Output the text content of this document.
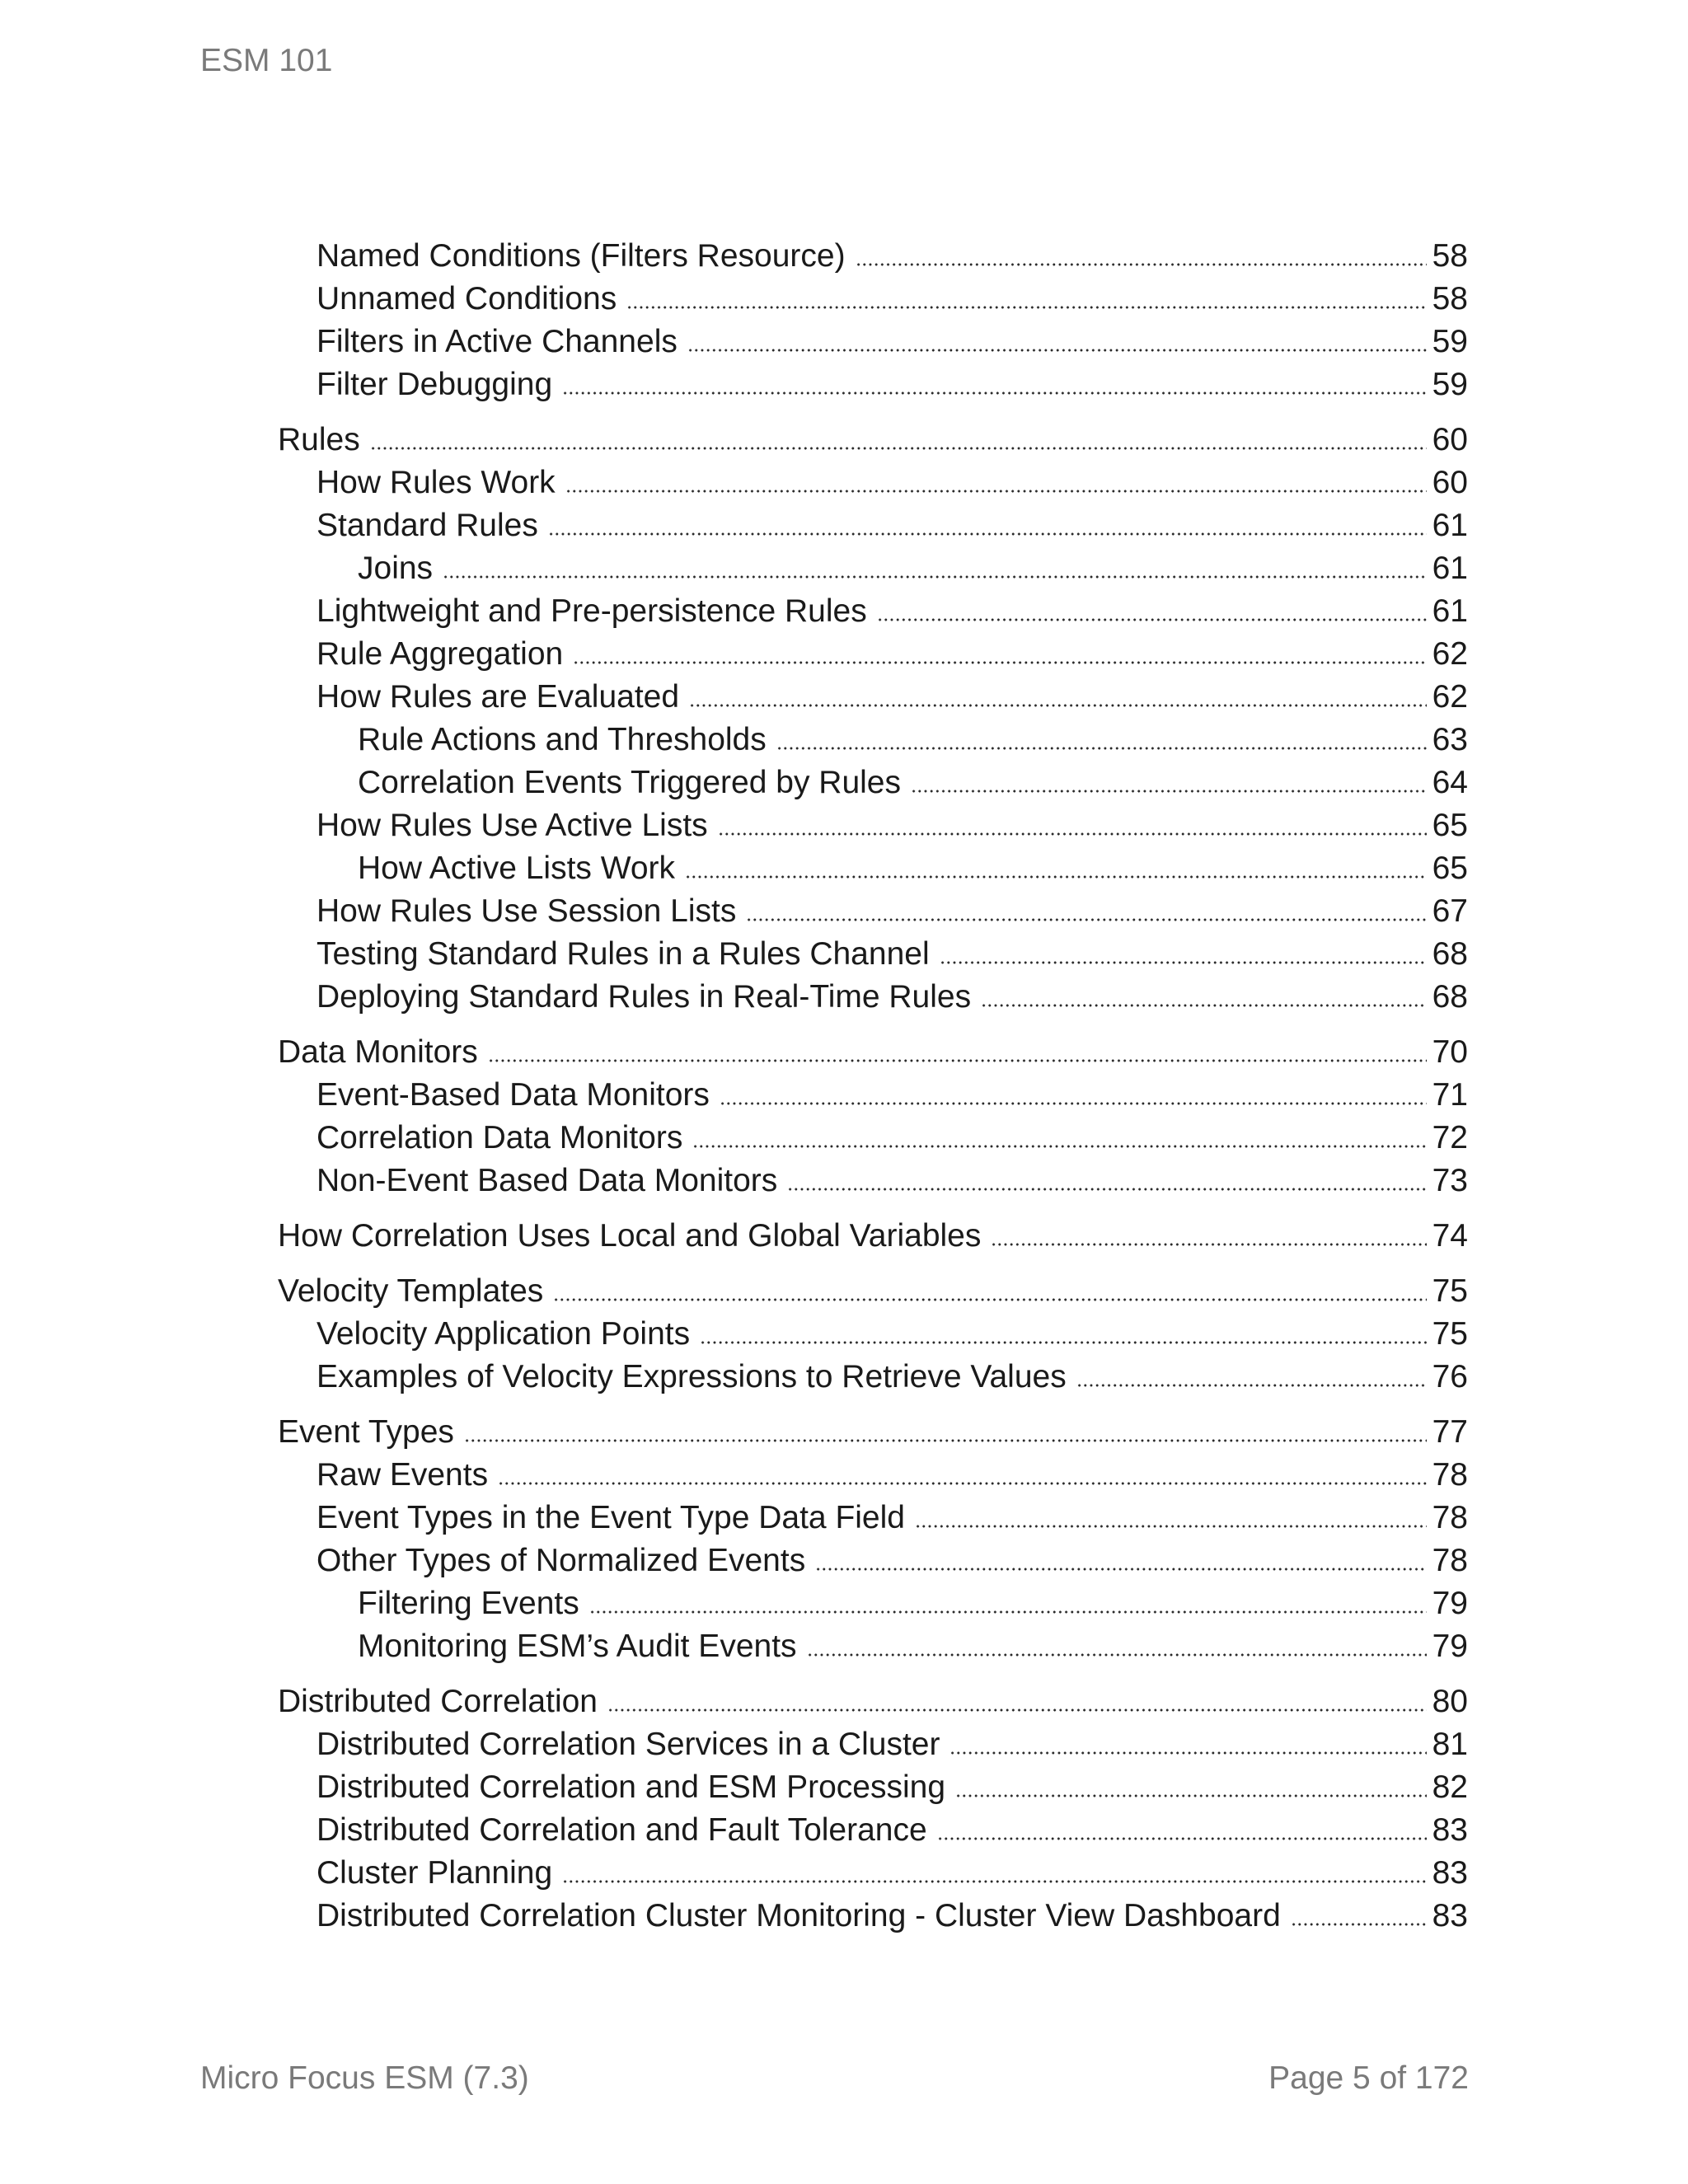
ESM 101
Named Conditions (Filters Resource)	58
Unnamed Conditions	58
Filters in Active Channels	59
Filter Debugging	59
Rules	60
How Rules Work	60
Standard Rules	61
Joins	61
Lightweight and Pre-persistence Rules	61
Rule Aggregation	62
How Rules are Evaluated	62
Rule Actions and Thresholds	63
Correlation Events Triggered by Rules	64
How Rules Use Active Lists	65
How Active Lists Work	65
How Rules Use Session Lists	67
Testing Standard Rules in a Rules Channel	68
Deploying Standard Rules in Real-Time Rules	68
Data Monitors	70
Event-Based Data Monitors	71
Correlation Data Monitors	72
Non-Event Based Data Monitors	73
How Correlation Uses Local and Global Variables	74
Velocity Templates	75
Velocity Application Points	75
Examples of Velocity Expressions to Retrieve Values	76
Event Types	77
Raw Events	78
Event Types in the Event Type Data Field	78
Other Types of Normalized Events	78
Filtering Events	79
Monitoring ESM’s Audit Events	79
Distributed Correlation	80
Distributed Correlation Services in a Cluster	81
Distributed Correlation and ESM Processing	82
Distributed Correlation and Fault Tolerance	83
Cluster Planning	83
Distributed Correlation Cluster Monitoring - Cluster View Dashboard	83
Micro Focus ESM (7.3)	Page 5 of 172
